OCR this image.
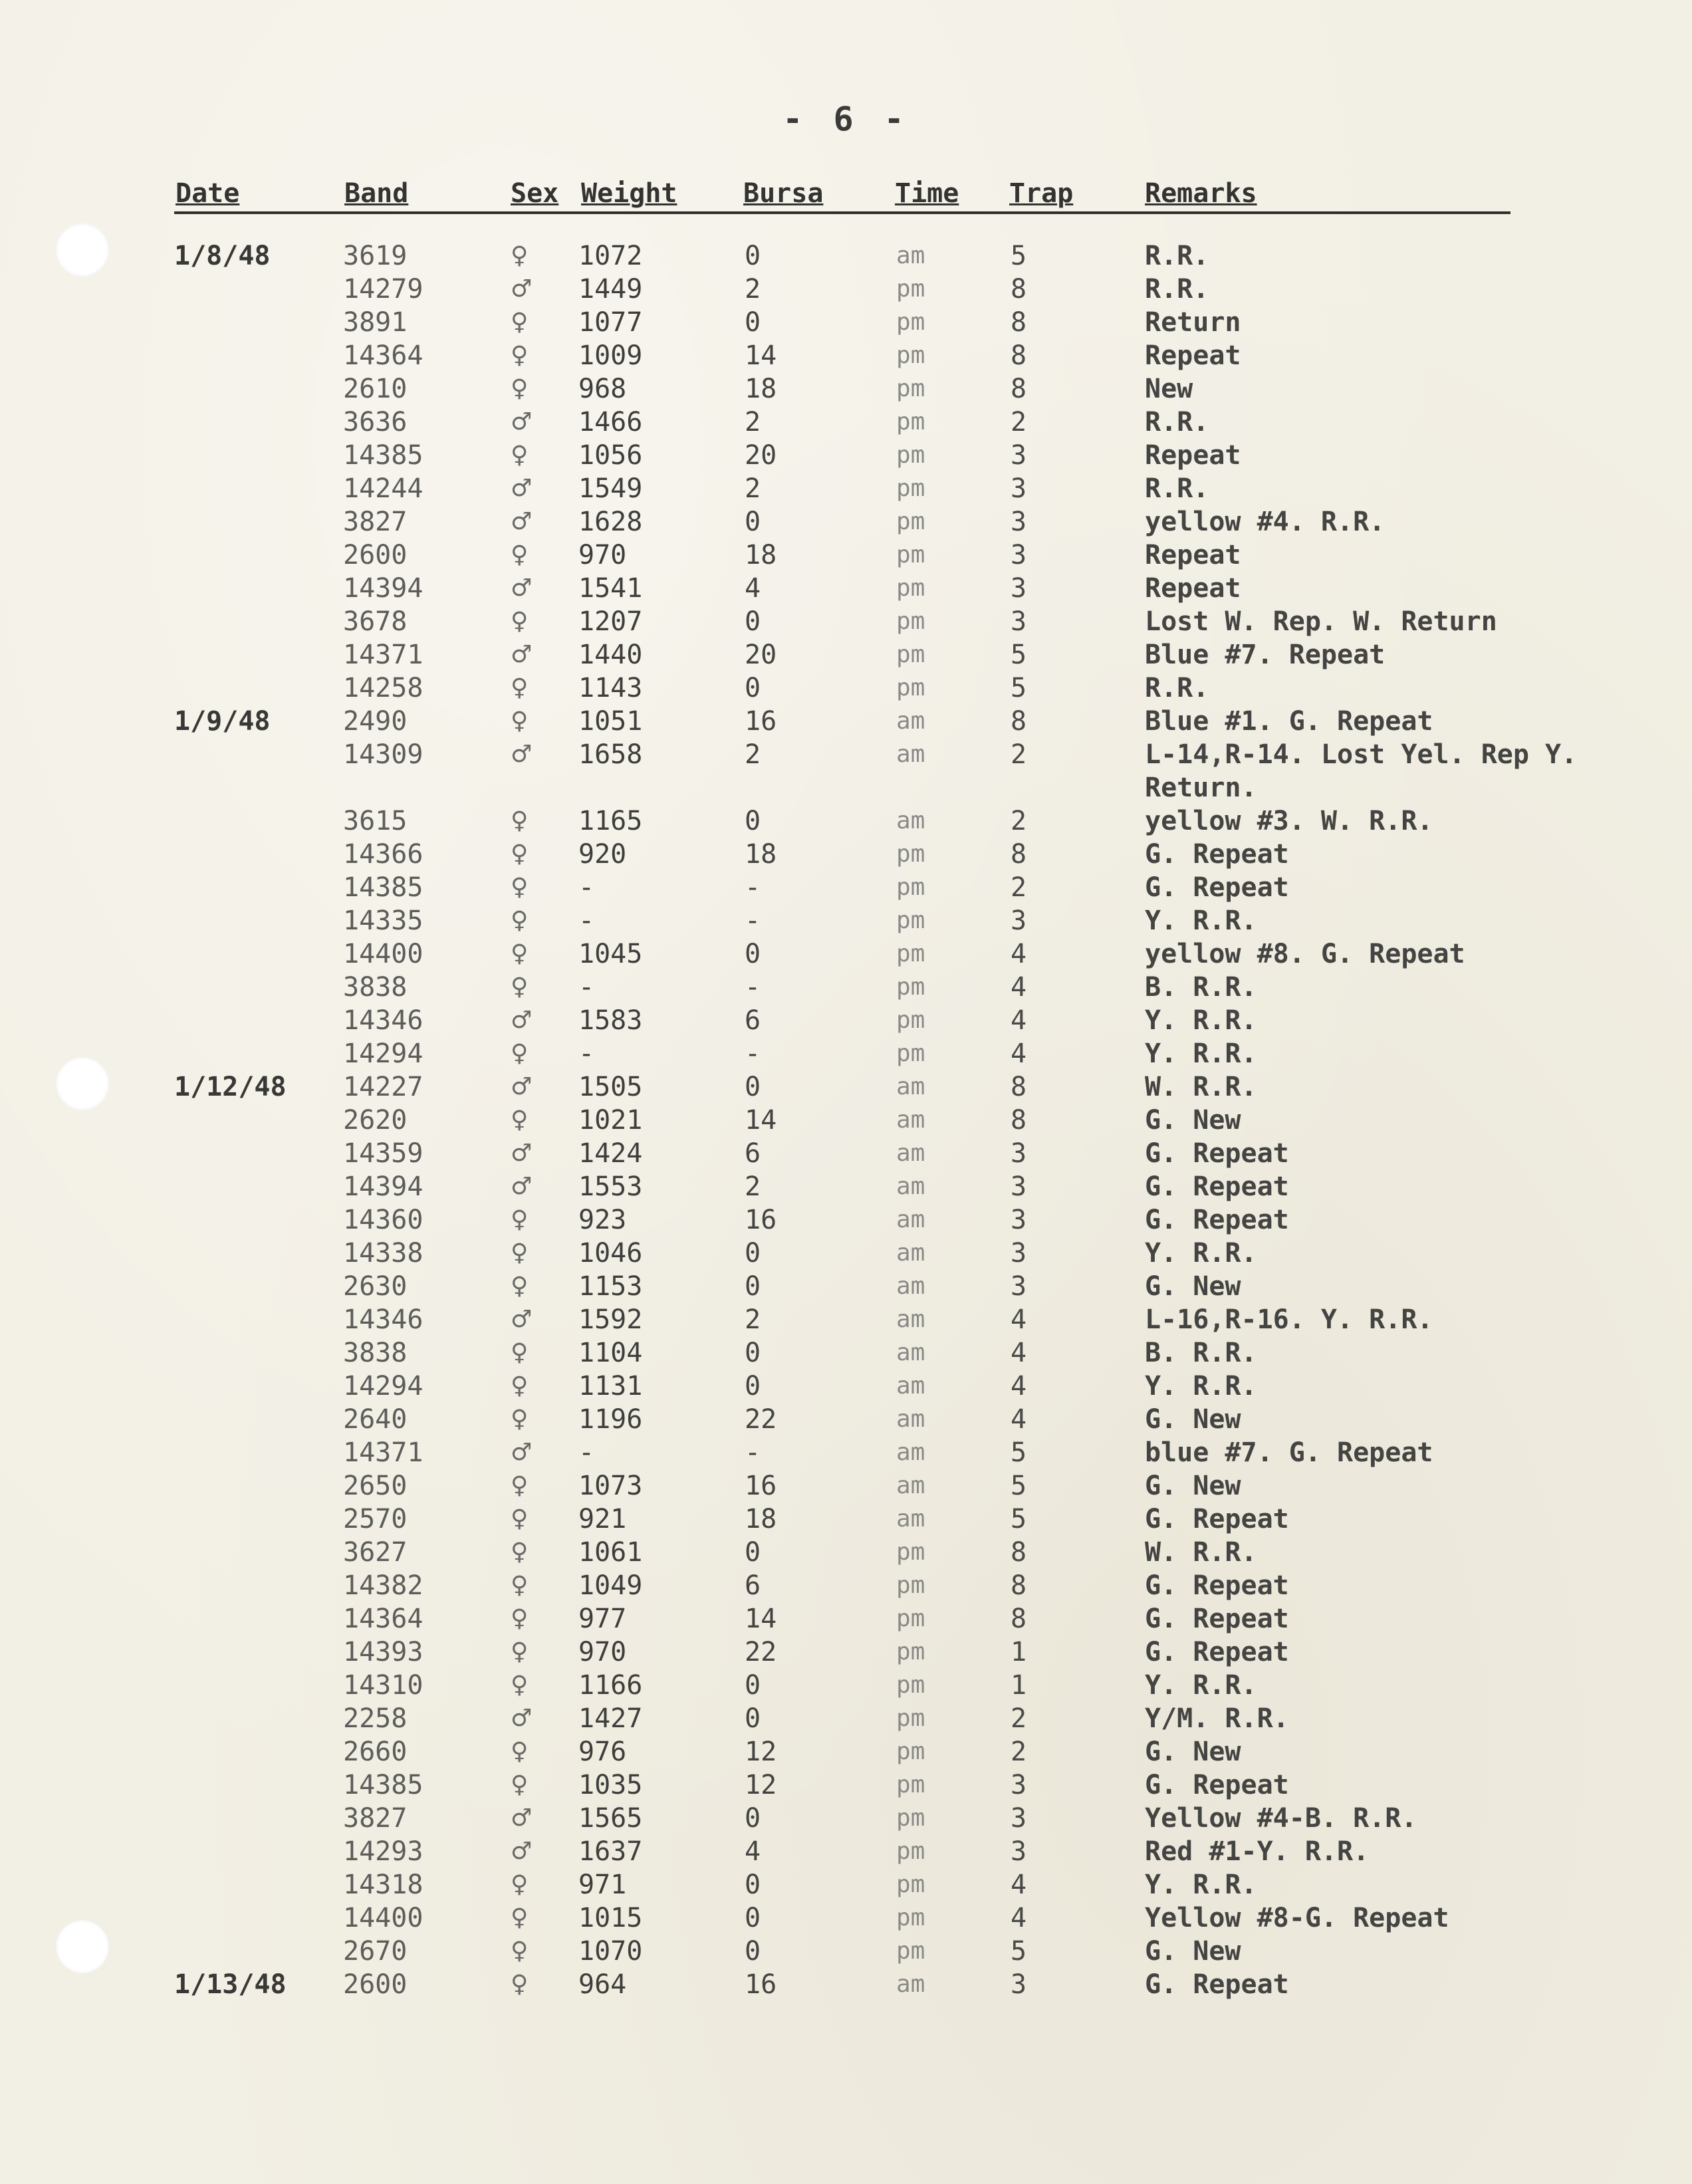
- 6 -
Date	Band	Sex Weight Bursa	Time Trap	Remarks
1/8/48	3619	♀ 1072	0	am	5	R.R.
14279	♂ 1449	2	pm	8	R.R.
3891	♀ 1077	0	pm	8	Return
14364	♀ 1009	14	pm	8	Repeat
2610	♀ 968	18	pm	8	New
3636	♂ 1466	2	pm	2	R.R.
14385	♀ 1056	20	pm	3	Repeat
14244	♂ 1549	2	pm	3	R.R.
3827	♂ 1628	0	pm	3	yellow #4. R.R.
2600	♀ 970	18	pm	3	Repeat
14394	♂ 1541	4	pm	3	Repeat
3678	♀ 1207	0	pm	3	Lost W. Rep. W. Return
14371	♂ 1440	20	pm	5	Blue #7. Repeat
14258	♀ 1143	0	pm	5	R.R.
1/9/48	2490	♀ 1051	16	am	8	Blue #1. G. Repeat
14309	♂ 1658	2	am	2	L-14,R-14. Lost Yel. Rep Y. Return.
3615	♀ 1165	0	am	2	yellow #3. W. R.R.
14366	♀ 920	18	pm	8	G. Repeat
14385	♀ -	-	pm	2	G. Repeat
14335	♀ -	-	pm	3	Y. R.R.
14400	♀ 1045	0	pm	4	yellow #8. G. Repeat
3838	♀ -	-	pm	4	B. R.R.
14346	♂ 1583	6	pm	4	Y. R.R.
14294	♀ -	-	pm	4	Y. R.R.
1/12/48 14227	♂ 1505	0	am	8	W. R.R.
2620	♀ 1021	14	am	8	G. New
14359	♂ 1424	6	am	3	G. Repeat
14394	♂ 1553	2	am	3	G. Repeat
14360	♀ 923	16	am	3	G. Repeat
14338	♀ 1046	0	am	3	Y. R.R.
2630	♀ 1153	0	am	3	G. New
14346	♂ 1592	2	am	4	L-16,R-16. Y. R.R.
3838	♀ 1104	0	am	4	B. R.R.
14294	♀ 1131	0	am	4	Y. R.R.
2640	♀ 1196	22	am	4	G. New
14371	♂ -	-	am	5	blue #7. G. Repeat
2650	♀ 1073	16	am	5	G. New
2570	♀ 921	18	am	5	G. Repeat
3627	♀ 1061	0	pm	8	W. R.R.
14382	♀ 1049	6	pm	8	G. Repeat
14364	♀ 977	14	pm	8	G. Repeat
14393	♀ 970	22	pm	1	G. Repeat
14310	♀ 1166	0	pm	1	Y. R.R.
2258	♂ 1427	0	pm	2	Y/M. R.R.
2660	♀ 976	12	pm	2	G. New
14385	♀ 1035	12	pm	3	G. Repeat
3827	♂ 1565	0	pm	3	Yellow #4-B. R.R.
14293	♂ 1637	4	pm	3	Red #1-Y. R.R.
14318	♀ 971	0	pm	4	Y. R.R.
14400	♀ 1015	0	pm	4	Yellow #8-G. Repeat
2670	♀ 1070	0	pm	5	G. New
1/13/48 2600	♀ 964	16	am	3	G. Repeat
